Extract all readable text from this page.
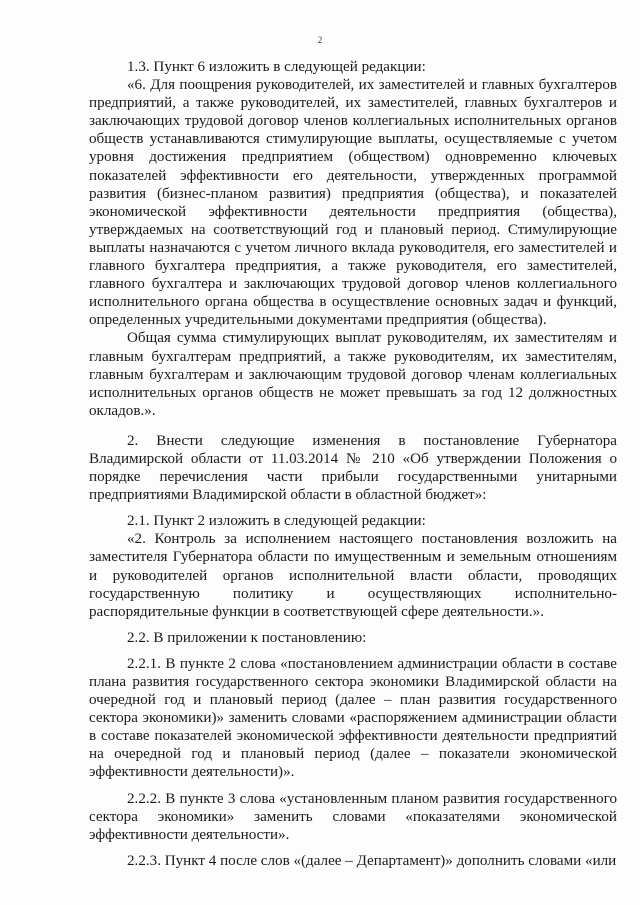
2

1.3. Пункт 6 изложить в следующей редакции:

«6. Для поощрения руководителей, их заместителей и главных бухгалтеров предприятий, а также руководителей, их заместителей, главных бухгалтеров и заключающих трудовой договор членов коллегиальных исполнительных органов обществ устанавливаются стимулирующие выплаты, осуществляемые с учетом уровня достижения предприятием (обществом) одновременно ключевых показателей эффективности его деятельности, утвержденных программой развития (бизнес-планом развития) предприятия (общества), и показателей экономической эффективности деятельности предприятия (общества), утверждаемых на соответствующий год и плановый период. Стимулирующие выплаты назначаются с учетом личного вклада руководителя, его заместителей и главного бухгалтера предприятия, а также руководителя, его заместителей, главного бухгалтера и заключающих трудовой договор членов коллегиального исполнительного органа общества в осуществление основных задач и функций, определенных учредительными документами предприятия (общества).

Общая сумма стимулирующих выплат руководителям, их заместителям и главным бухгалтерам предприятий, а также руководителям, их заместителям, главным бухгалтерам и заключающим трудовой договор членам коллегиальных исполнительных органов обществ не может превышать за год 12 должностных окладов.».

2. Внести следующие изменения в постановление Губернатора Владимирской области от 11.03.2014 № 210 «Об утверждении Положения о порядке перечисления части прибыли государственными унитарными предприятиями Владимирской области в областной бюджет»:

2.1. Пункт 2 изложить в следующей редакции:

«2. Контроль за исполнением настоящего постановления возложить на заместителя Губернатора области по имущественным и земельным отношениям и руководителей органов исполнительной власти области, проводящих государственную политику и осуществляющих исполнительно-распорядительные функции в соответствующей сфере деятельности.».

2.2. В приложении к постановлению:

2.2.1. В пункте 2 слова «постановлением администрации области в составе плана развития государственного сектора экономики Владимирской области на очередной год и плановый период (далее – план развития государственного сектора экономики)» заменить словами «распоряжением администрации области в составе показателей экономической эффективности деятельности предприятий на очередной год и плановый период (далее – показатели экономической эффективности деятельности)».

2.2.2. В пункте 3 слова «установленным планом развития государственного сектора экономики» заменить словами «показателями экономической эффективности деятельности».

2.2.3. Пункт 4 после слов «(далее – Департамент)» дополнить словами «или
